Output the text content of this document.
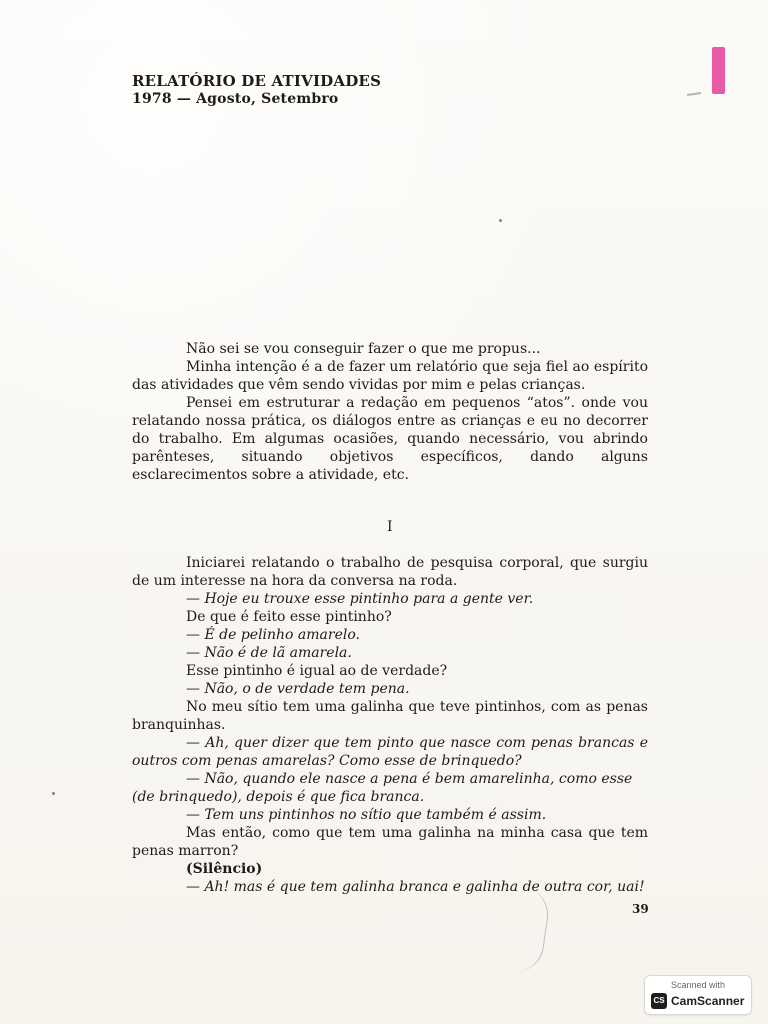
RELATÓRIO DE ATIVIDADES
1978 — Agosto, Setembro

Não sei se vou conseguir fazer o que me propus...

Minha intenção é a de fazer um relatório que seja fiel ao espírito das atividades que vêm sendo vividas por mim e pelas crianças.

Pensei em estruturar a redação em pequenos “atos”. onde vou relatando nossa prática, os diálogos entre as crianças e eu no decorrer do trabalho. Em algumas ocasiões, quando necessário, vou abrindo parênteses, situando objetivos específicos, dando alguns esclarecimentos sobre a atividade, etc.

I

Iniciarei relatando o trabalho de pesquisa corporal, que surgiu de um interesse na hora da conversa na roda.

— Hoje eu trouxe esse pintinho para a gente ver.

De que é feito esse pintinho?

— É de pelinho amarelo.

— Não é de lã amarela.

Esse pintinho é igual ao de verdade?

— Não, o de verdade tem pena.

No meu sítio tem uma galinha que teve pintinhos, com as penas branquinhas.

— Ah, quer dizer que tem pinto que nasce com penas brancas e outros com penas amarelas? Como esse de brinquedo?

— Não, quando ele nasce a pena é bem amarelinha, como esse

(de brinquedo), depois é que fica branca.

— Tem uns pintinhos no sítio que também é assim.

Mas então, como que tem uma galinha na minha casa que tem penas marron?

(Silêncio)

— Ah! mas é que tem galinha branca e galinha de outra cor, uai!

39
Scanned with
CS CamScanner
